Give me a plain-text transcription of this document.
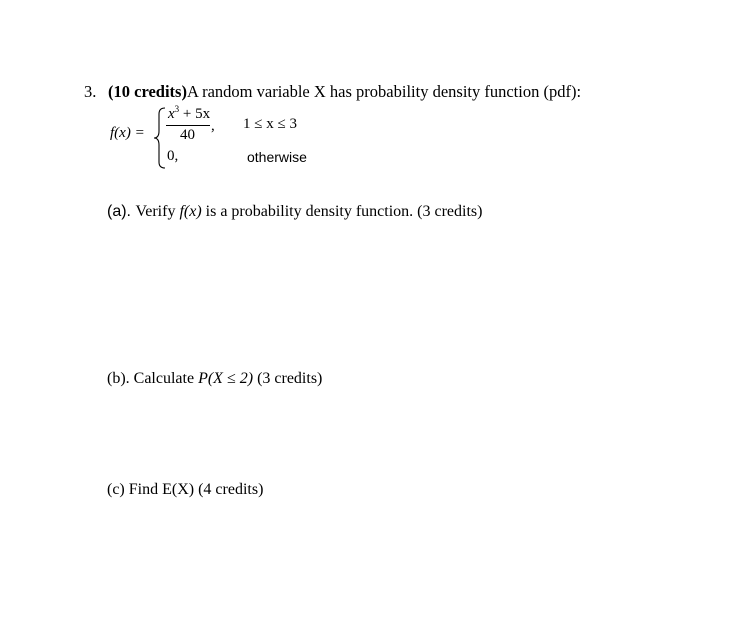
3. (10 credits)A random variable X has probability density function (pdf):
f(x) =
$x^3 + 5x$
40
, 1 ≤ x ≤ 3
0,	otherwise
(a). Verify f(x) is a probability density function. (3 credits)
(b). Calculate P(X ≤ 2) (3 credits)
(c) Find E(X) (4 credits)
